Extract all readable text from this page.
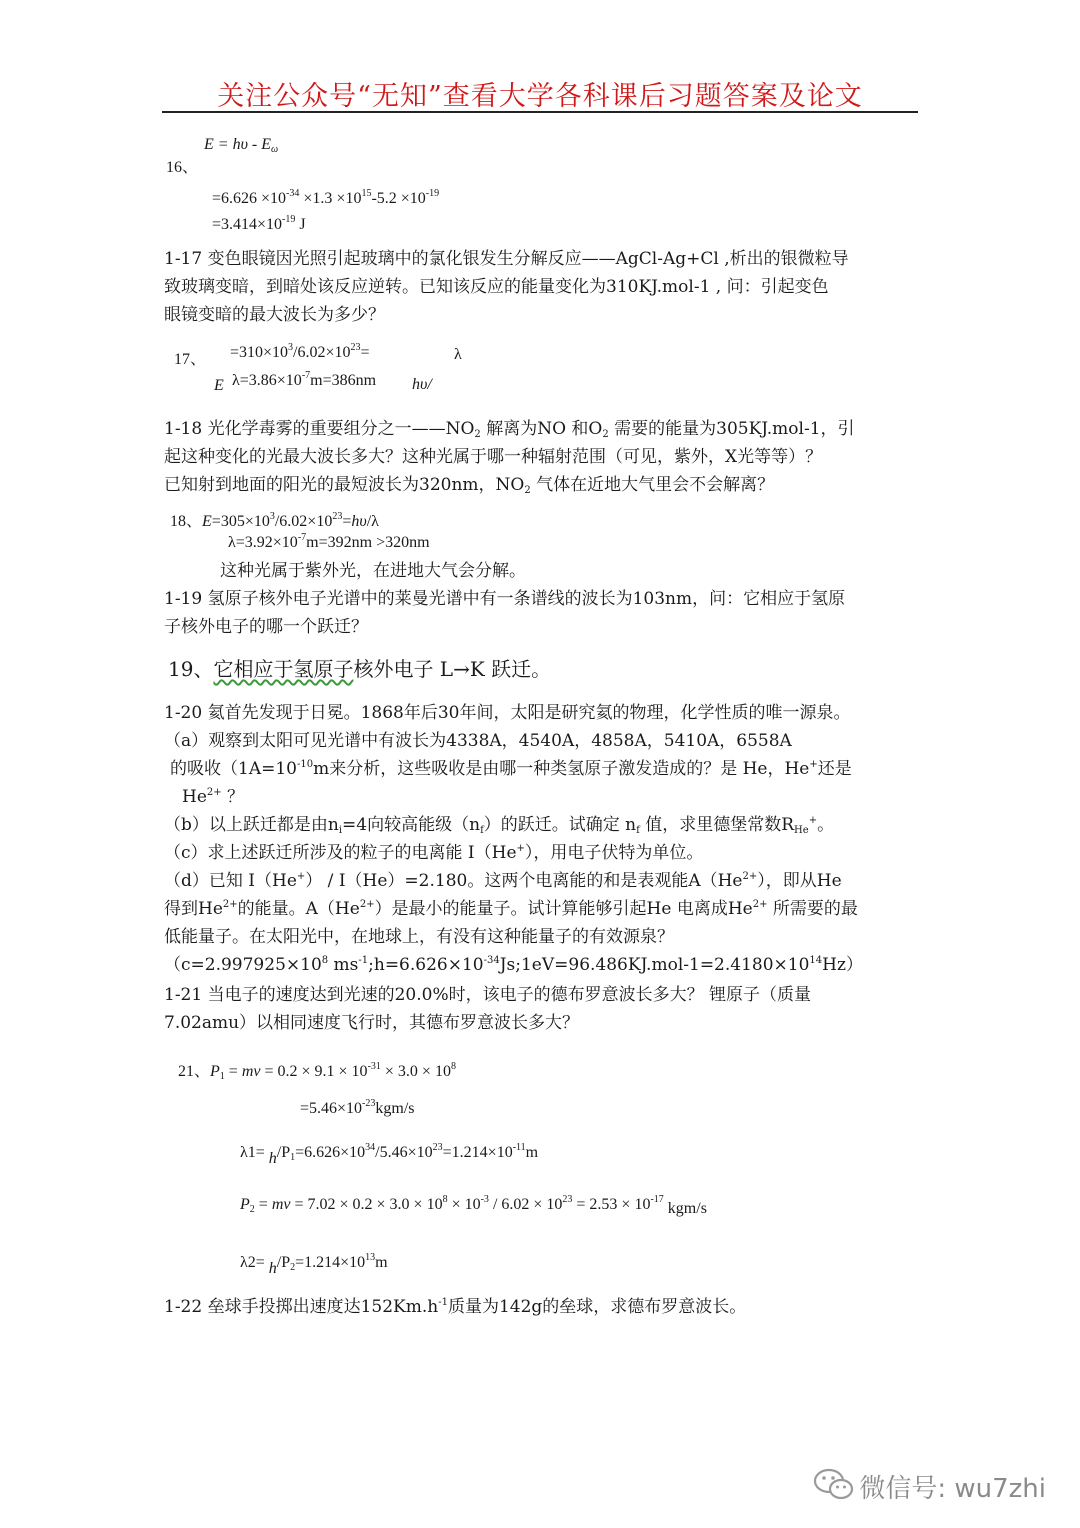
关注公众号“无知”查看大学各科课后习题答案及论文
$E = h\upsilon - E_\omega$
16、
$=6.626 \times 10^{-34} \times 1.3 \times 10^{15}-5.2 \times 10^{-19}$
$=3.414\times 10^{-19}$ J
1-17 变色眼镜因光照引起玻璃中的氯化银发生分解反应——AgCl-Ag+Cl ,析出的银微粒导
致玻璃变暗，到暗处该反应逆转。已知该反应的能量变化为310KJ.mol-1 , 问：引起变色
眼镜变暗的最大波长为多少？
17、 $=310\times 10^3/6.02\times 10^{23}=$	λ
E $\lambda=3.86\times 10^{-7}m=386nm$ hυ/
1-18 光化学毒雾的重要组分之一$——NO_2$ 解离为NO 和$O_2$ 需要的能量为305KJ.mol-1，引
起这种变化的光最大波长多大？这种光属于哪一种辐射范围（可见，紫外，X光等等）？
已知射到地面的阳光的最短波长为320nm，$NO_2$ 气体在近地大气里会不会解离？
18、$E=305\times 10^3/6.02\times 10^{23}=h\upsilon/\lambda$
$\lambda=3.92\times 10^{-7}m=392nm >320nm$
这种光属于紫外光，在进地大气会分解。
1-19 氢原子核外电子光谱中的莱曼光谱中有一条谱线的波长为103nm，问：它相应于氢原
子核外电子的哪一个跃迁？
19、它相应于氢原子核外电子 L→K 跃迁。
1-20 氦首先发现于日冕。1868年后30年间，太阳是研究氦的物理，化学性质的唯一源泉。
（a）观察到太阳可见光谱中有波长为4338A，4540A，4858A，5410A，6558A
的吸收（$1A=10^{-10}m$来分析，这些吸收是由哪一种类氢原子激发造成的？是 He，He+还是
$He^{2+}$ ？
（b）以上跃迁都是由$n_i=4$向较高能级$(n_f)$的跃迁。试确定 $n_f$ 值，求里德堡常数$R_{He}^+$。
（c）求上述跃迁所涉及的粒子的电离能 I（He+），用电子伏特为单位。
（d）已知 I（He+） / I（He）=2.180。这两个电离能的和是表观能$A(He^{2+})$，即从He
得到$He^{2+}$的能量。$A(He^{2+})$是最小的能量子。试计算能够引起He 电离成$He^{2+}$ 所需要的最
低能量子。在太阳光中，在地球上，有没有这种能量子的有效源泉？
（$c=2.997925\times 10^8$ $ms^{-1};h=6.626\times 10^{-34}Js;1eV=96.486KJ.mol-1=2.4180\times 10^{14}Hz$）
1-21 当电子的速度达到光速的20.0%时，该电子的德布罗意波长多大？ 锂原子（质量
7.02amu）以相同速度飞行时，其德布罗意波长多大？
21、$P_1$ = mv = $0.2 \times 9.1 \times 10^{-31} \times 3.0 \times 10^8$
$=5.46\times 10^{-23}kgm/s$
$\lambda 1= h/P_1=6.626\times 10^{34}/5.46\times 10^{23}=1.214\times 10^{-11}m$
$P_2$ = mv = $7.02 \times 0.2 \times 3.0 \times 10^8 \times 10^{-3} / 6.02 \times 10^{23} = 2.53 \times 10^{-17}$ kgm/s
$\lambda 2= h/P_2=1.214\times 10^{13}m$
1-22 垒球手投掷出速度达$152Km.h^{-1}$质量为142g的垒球，求德布罗意波长。
微信号: wu7zhi
